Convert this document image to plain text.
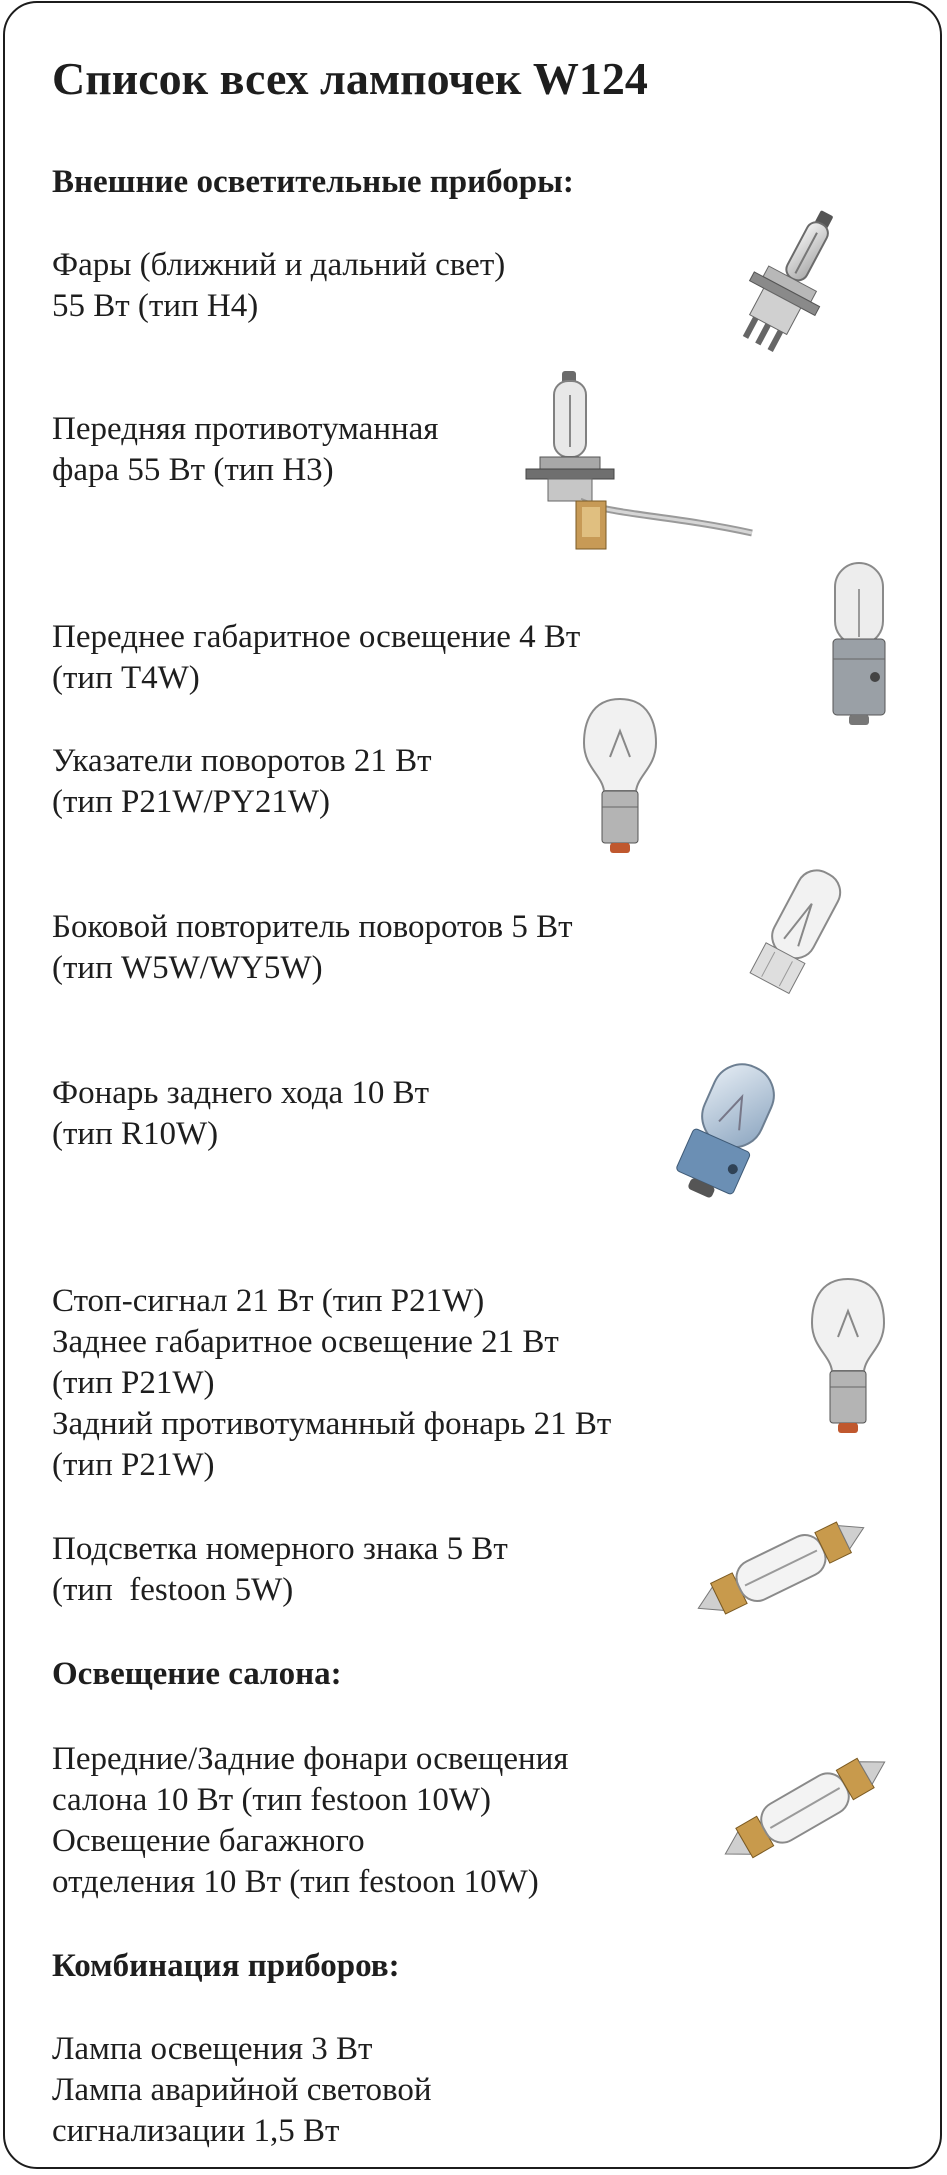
Список всех лампочек W124
Внешние осветительные приборы:
Фары (ближний и дальний свет)
55 Вт (тип H4)
Передняя противотуманная
фара 55 Вт (тип H3)
Переднее габаритное освещение 4 Вт
(тип T4W)
Указатели поворотов 21 Вт
(тип P21W/PY21W)
Боковой повторитель поворотов 5 Вт
(тип W5W/WY5W)
Фонарь заднего хода 10 Вт
(тип R10W)
Стоп-сигнал 21 Вт (тип P21W)
Заднее габаритное освещение 21 Вт
(тип P21W)
Задний противотуманный фонарь 21 Вт
(тип P21W)
Подсветка номерного знака 5 Вт
(тип  festoon 5W)
Освещение салона:
Передние/Задние фонари освещения
салона 10 Вт (тип festoon 10W)
Освещение багажного
отделения 10 Вт (тип festoon 10W)
Комбинация приборов:
Лампа освещения 3 Вт
Лампа аварийной световой
сигнализации 1,5 Вт
